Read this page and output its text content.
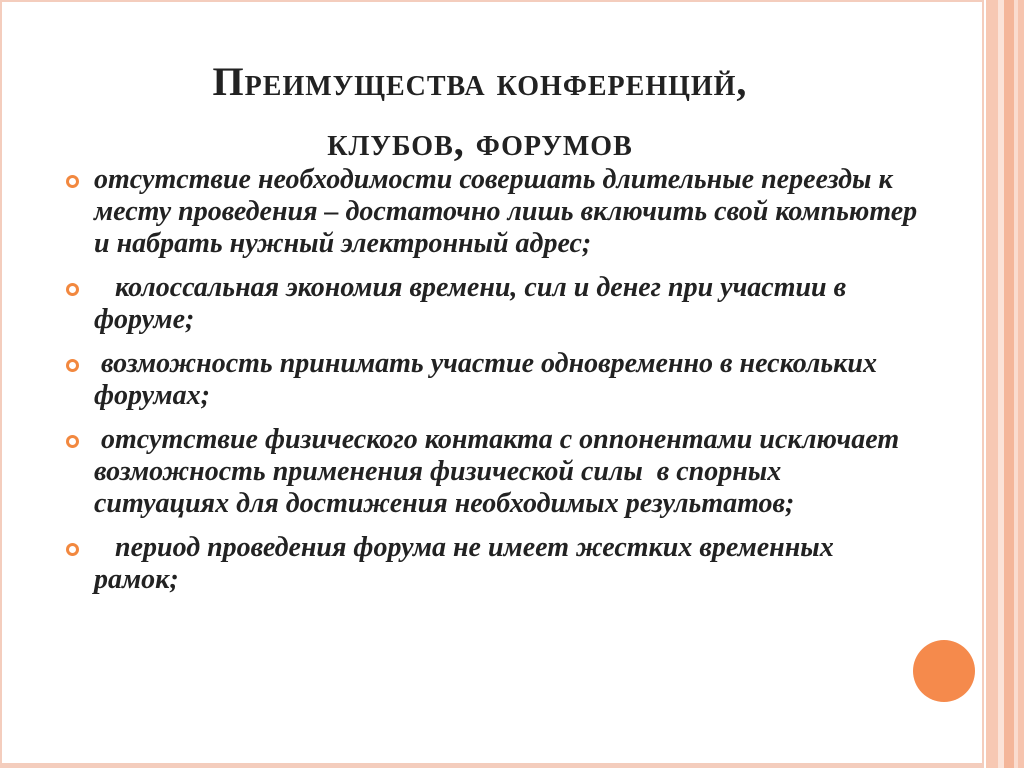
Преимущества конференций,
клубов, форумов
отсутствие необходимости совершать длительные переезды к месту проведения – достаточно лишь включить свой компьютер и набрать нужный электронный адрес;
колоссальная экономия времени, сил и денег при участии в форуме;
возможность принимать участие одновременно в нескольких форумах;
отсутствие физического контакта с оппонентами исключает возможность применения физической силы  в спорных ситуациях для достижения необходимых результатов;
период проведения форума не имеет жестких временных рамок;
